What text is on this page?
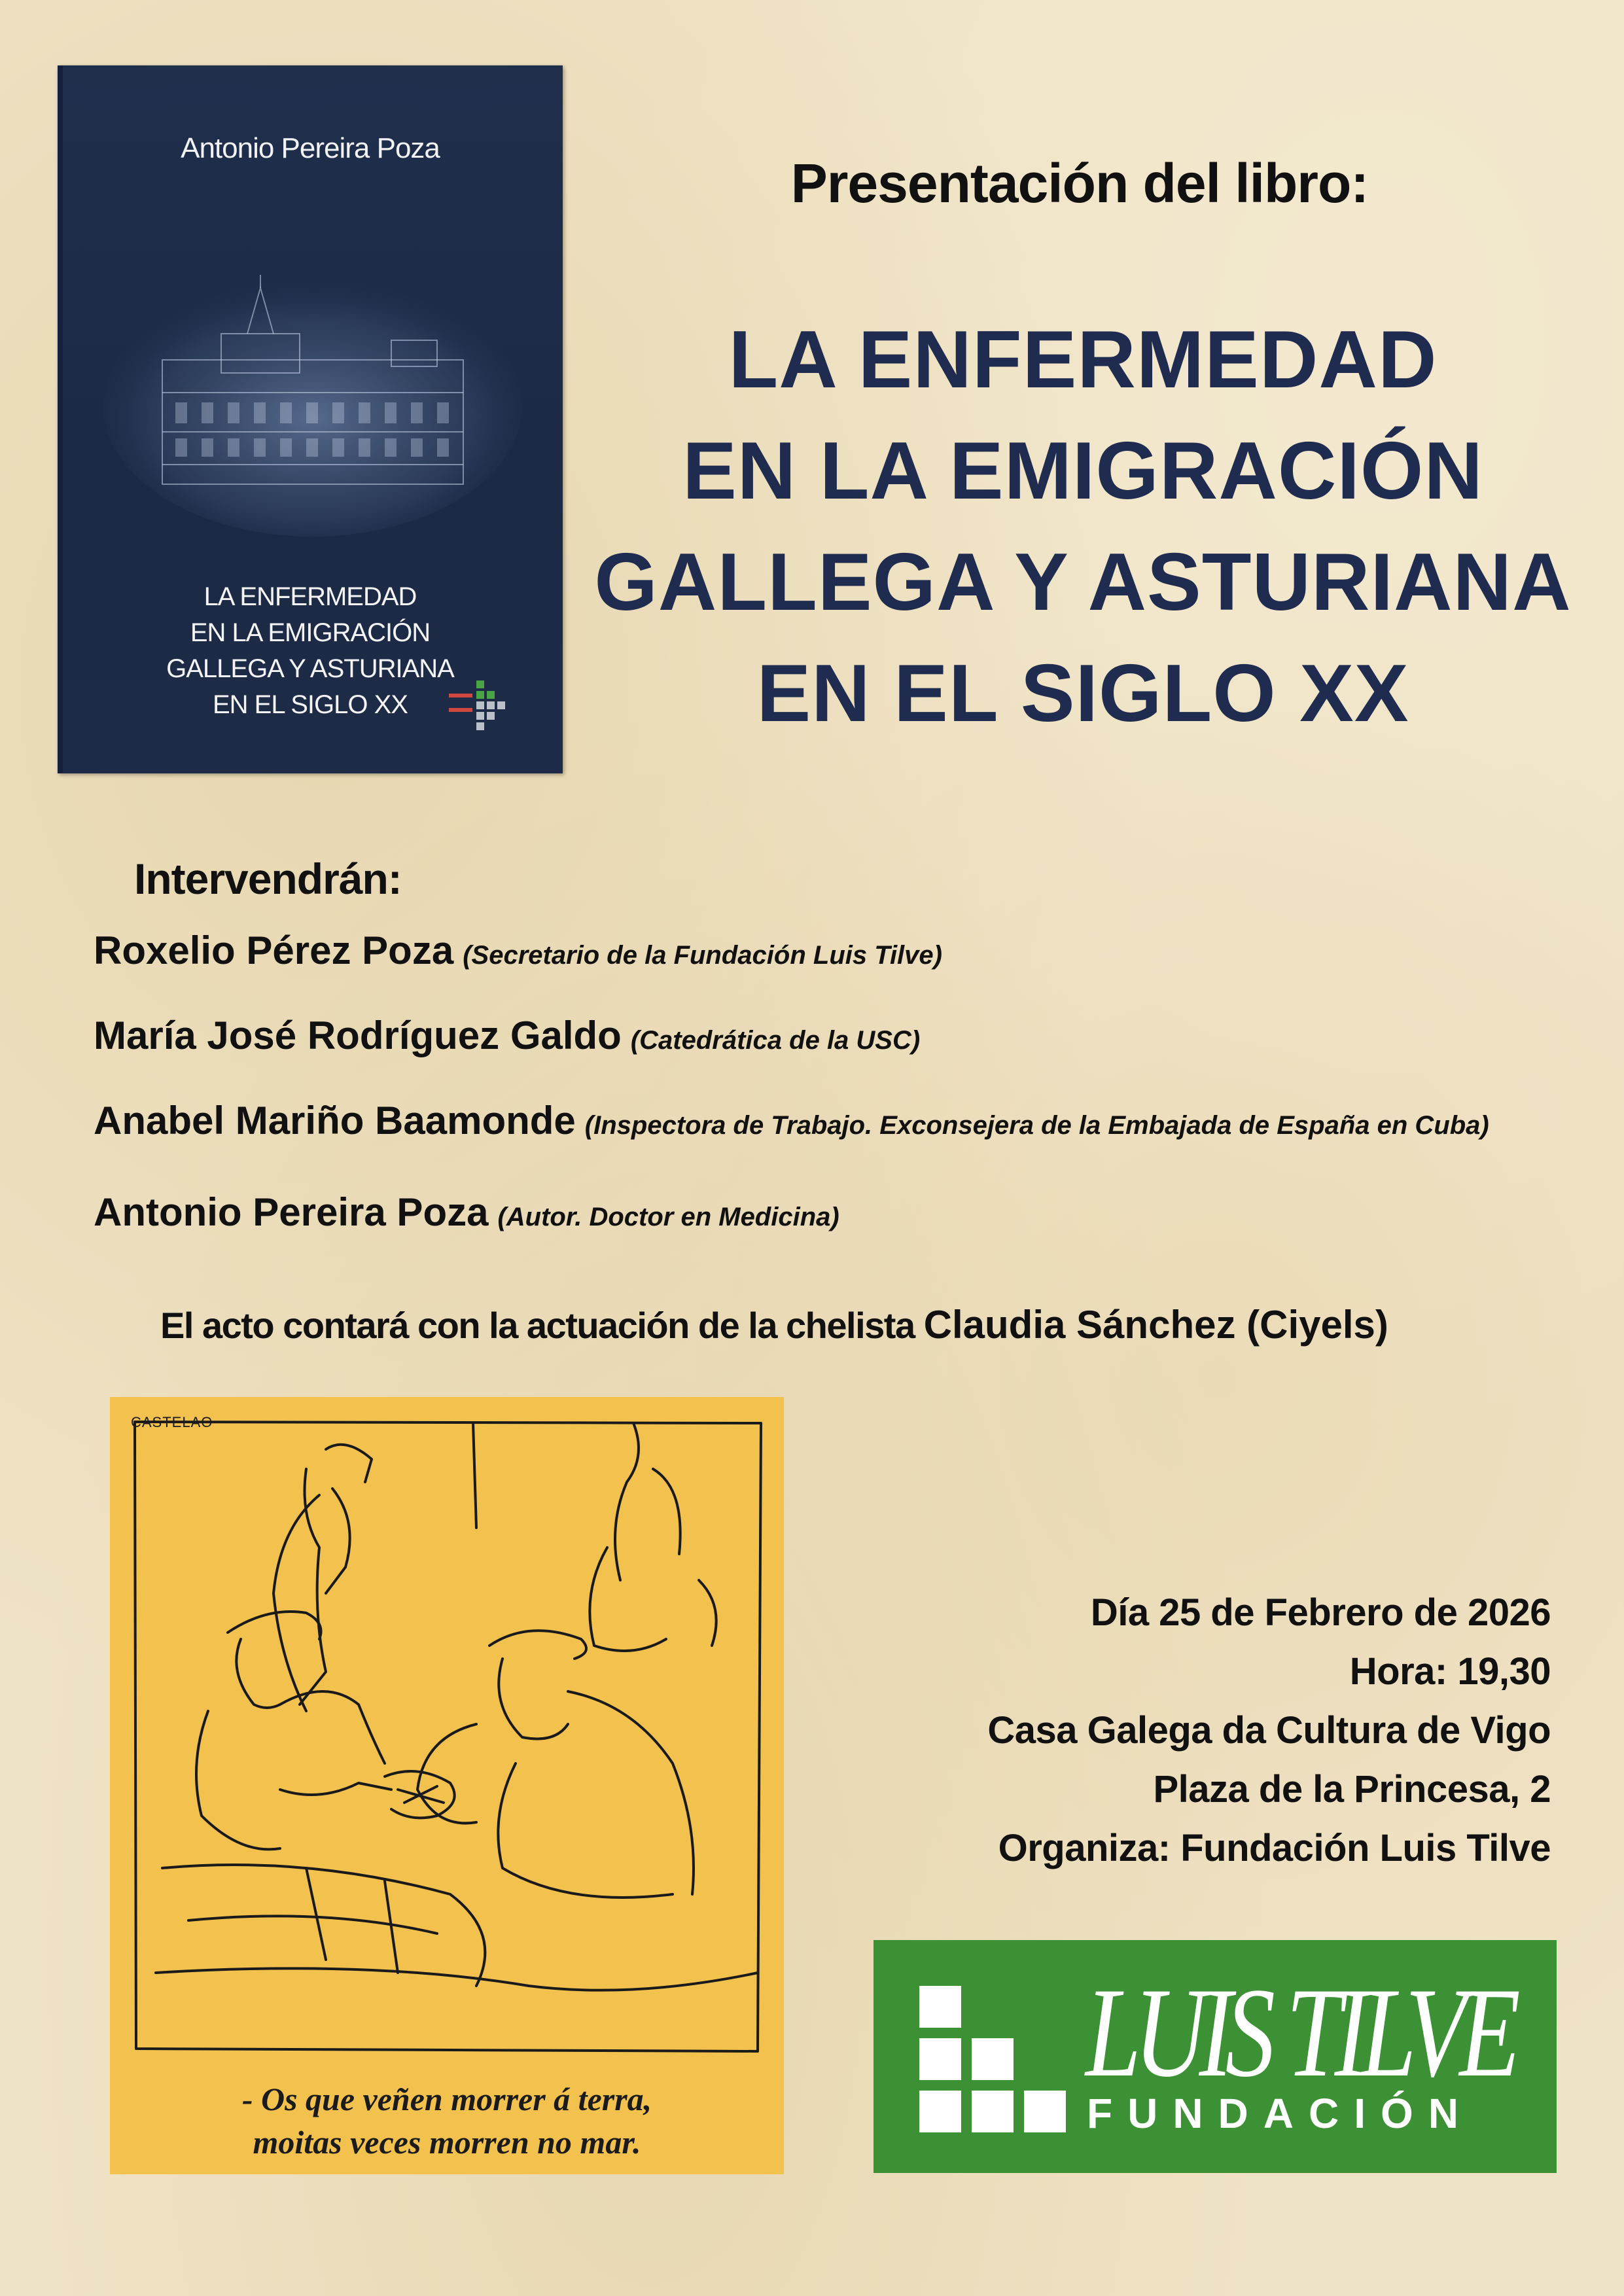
Antonio Pereira Poza
LA ENFERMEDAD
EN LA EMIGRACIÓN
GALLEGA Y ASTURIANA
EN EL SIGLO XX
Presentación del libro:
LA ENFERMEDAD
EN LA EMIGRACIÓN
GALLEGA Y ASTURIANA
EN EL SIGLO XX
Intervendrán:
Roxelio Pérez Poza (Secretario de la Fundación Luis Tilve)
María José Rodríguez Galdo (Catedrática de la USC)
Anabel Mariño Baamonde (Inspectora de Trabajo. Exconsejera de la Embajada de España en Cuba)
Antonio Pereira Poza (Autor. Doctor en Medicina)
El acto contará con la actuación de la chelista Claudia Sánchez (Ciyels)
CASTELAO
- Os que veñen morrer á terra,
moitas veces morren no mar.
Día 25 de Febrero de 2026
Hora: 19,30
Casa Galega da Cultura de Vigo
Plaza de la Princesa, 2
Organiza: Fundación Luis Tilve
LUIS TILVE
FUNDACIÓN
